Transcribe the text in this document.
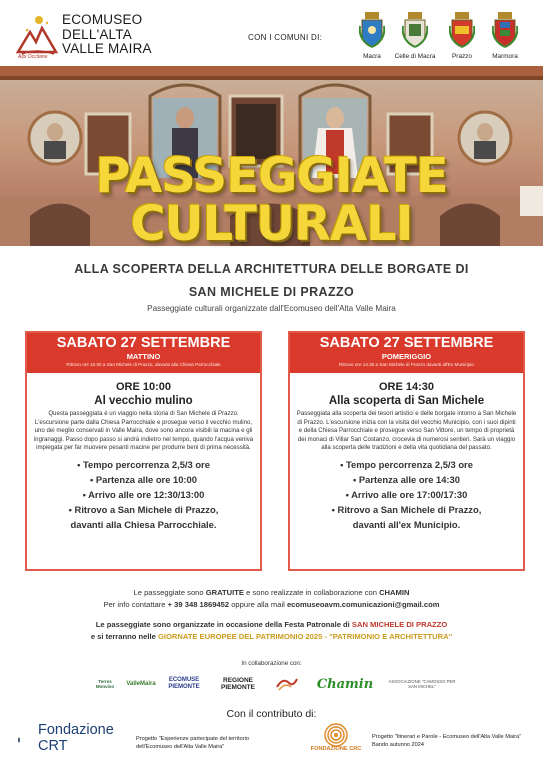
Alpi Occitane
ECOMUSEO
DELL'ALTA
VALLE MAIRA
CON I COMUNI DI:
Macra	Celle di Macra	Prazzo	Marmora
PASSEGGIATE
CULTURALI
ALLA SCOPERTA DELLA ARCHITETTURA DELLE BORGATE DI
SAN MICHELE DI PRAZZO
Passeggiate culturali organizzate dall'Ecomuseo dell'Alta Valle Maira
SABATO 27 SETTEMBRE
MATTINO
Ritrovo ore 10.00 a San Michele di Prazzo, davanti alla Chiesa Parrocchiale
ORE 10:00
Al vecchio mulino
Questa passeggiata è un viaggio nella storia di San Michele di Prazzo. L'escursione parte dalla Chiesa Parrocchiale e prosegue verso il vecchio mulino, uno dei meglio conservati in Valle Maira, dove sono ancora visibili la macina e gli ingranaggi. Passo dopo passo si andrà indietro nel tempo, quando l'acqua veniva impiegata per far muovere pesanti macine per produrre beni di prima necessità.
• Tempo percorrenza 2,5/3 ore
• Partenza alle ore 10:00
• Arrivo alle ore 12:30/13:00
• Ritrovo a San Michele di Prazzo,
davanti alla Chiesa Parrocchiale.
SABATO 27 SETTEMBRE
POMERIGGIO
Ritrovo ore 14.30 a San Michele di Prazzo davanti all'Ex Municipio
ORE 14:30
Alla scoperta di San Michele
Passeggiata alla scoperta dei tesori artistici e delle borgate intorno a San Michele di Prazzo. L'escursione inizia con la visita del vecchio Municipio, con i suoi dipinti e della Chiesa Parrocchiale e prosegue verso San Vittore, un tempo di proprietà dei monaci di Villar San Costanzo, crocevia di numerosi sentieri. Sarà un viaggio alla scoperta delle tradizioni e della vita quotidiana del passato.
• Tempo percorrenza 2,5/3 ore
• Partenza alle ore 14:30
• Arrivo alle ore 17:00/17:30
• Ritrovo a San Michele di Prazzo,
davanti all'ex Municipio.
Le passeggiate sono GRATUITE e sono realizzate in collaborazione con CHAMIN
Per info contattare + 39 348 1869452 oppure alla mail ecomuseoavm.comunicazioni@gmail.com
Le passeggiate sono organizzate in occasione della Festa Patronale di SAN MICHELE DI PRAZZO
e si terranno nelle GIORNATE EUROPEE DEL PATRIMONIO 2025 - "PATRIMONIO E ARCHITETTURA"
In collaborazione con:
Terres Monviso	ValleMaira
ECOMUSE PIEMONTE
REGIONE PIEMONTE	Chamin	ASSOCIAZIONE "CAMOSSO PER SAN MICHEL"
Con il contributo di:
Fondazione
CRT	Progetto "Esperienze partecipate del territorio dell'Ecomuseo dell'Alta Valle Maira"	FONDAZIONE CRC
Progetto "Itinerari e Parole - Ecomuseo dell'Alta Valle Maira" Bando autunno 2024
